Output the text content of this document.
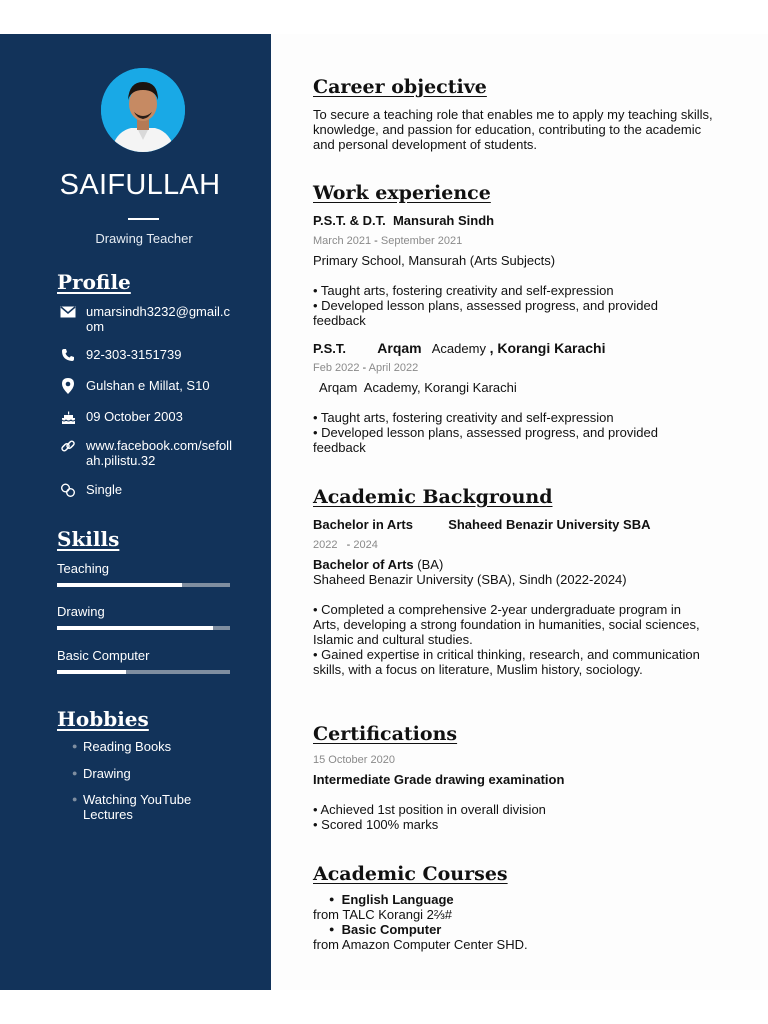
SAIFULLAH
Drawing Teacher
Profile
umarsindh3232@gmail.com
92-303-3151739
Gulshan e Millat, S10
09 October 2003
www.facebook.com/sefollah.pilistu.32
Single
Skills
Teaching
Drawing
Basic Computer
Hobbies
● Reading Books
● Drawing
● Watching YouTube Lectures
Career objective
To secure a teaching role that enables me to apply my teaching skills, knowledge, and passion for education, contributing to the academic and personal development of students.
Work experience
P.S.T. & D.T. Mansurah Sindh
March 2021 - September 2021
Primary School, Mansurah (Arts Subjects)
• Taught arts, fostering creativity and self-expression
• Developed lesson plans, assessed progress, and provided feedback
P.S.T. Arqam Academy , Korangi Karachi
Feb 2022 - April 2022
Arqam  Academy, Korangi Karachi
• Taught arts, fostering creativity and self-expression
• Developed lesson plans, assessed progress, and provided feedback
Academic Background
Bachelor in Arts	Shaheed Benazir University SBA
2022   - 2024
Bachelor of Arts (BA)
Shaheed Benazir University (SBA), Sindh (2022-2024)
• Completed a comprehensive 2-year undergraduate program in Arts, developing a strong foundation in humanities, social sciences, Islamic and cultural studies.
• Gained expertise in critical thinking, research, and communication skills, with a focus on literature, Muslim history, sociology.
Certifications
15 October 2020
Intermediate Grade drawing examination
• Achieved 1st position in overall division
• Scored 100% marks
Academic Courses
● English Language
from TALC Korangi 2⅔#
● Basic Computer
from Amazon Computer Center SHD.
